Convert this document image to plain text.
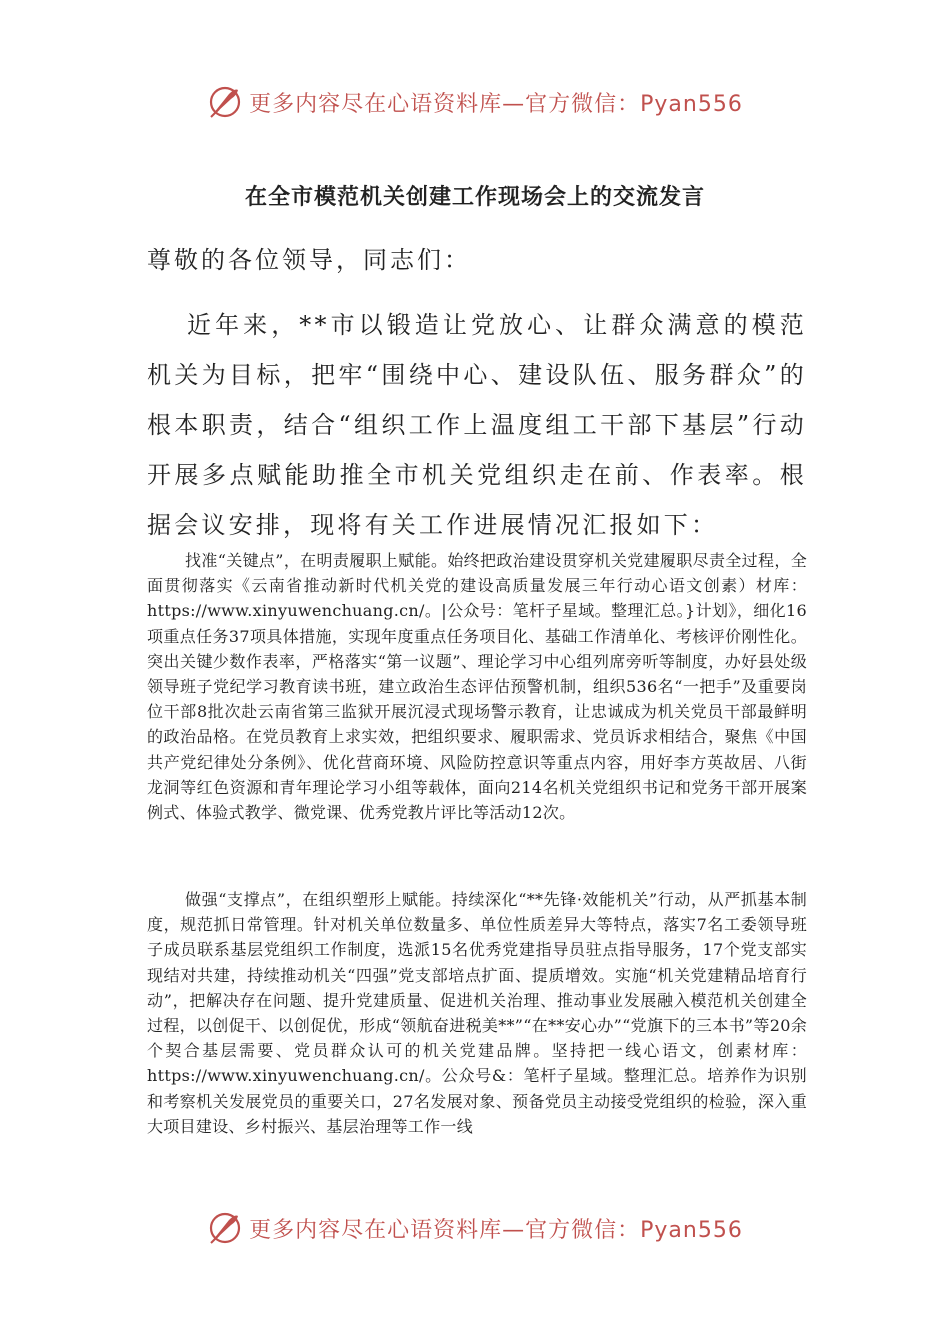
更多内容尽在心语资料库—官方微信：Pyan556
在全市模范机关创建工作现场会上的交流发言
尊敬的各位领导，同志们：

近年来，**市以锻造让党放心、让群众满意的模范机关为目标，把牢“围绕中心、建设队伍、服务群众”的根本职责，结合“组织工作上温度组工干部下基层”行动开展多点赋能助推全市机关党组织走在前、作表率。根据会议安排，现将有关工作进展情况汇报如下：

找准“关键点”，在明责履职上赋能。始终把政治建设贯穿机关党建履职尽责全过程，全面贯彻落实《云南省推动新时代机关党的建设高质量发展三年行动心语文创素）材库：https://www.xinyuwenchuang.cn/。|公众号：笔杆子星域。整理汇总。}计划》，细化16项重点任务37项具体措施，实现年度重点任务项目化、基础工作清单化、考核评价刚性化。突出关键少数作表率，严格落实“第一议题”、理论学习中心组列席旁听等制度，办好县处级领导班子党纪学习教育读书班，建立政治生态评估预警机制，组织536名“一把手”及重要岗位干部8批次赴云南省第三监狱开展沉浸式现场警示教育，让忠诚成为机关党员干部最鲜明的政治品格。在党员教育上求实效，把组织要求、履职需求、党员诉求相结合，聚焦《中国共产党纪律处分条例》、优化营商环境、风险防控意识等重点内容，用好李方英故居、八街龙洞等红色资源和青年理论学习小组等载体，面向214名机关党组织书记和党务干部开展案例式、体验式教学、微党课、优秀党教片评比等活动12次。

做强“支撑点”，在组织塑形上赋能。持续深化“**先锋·效能机关”行动，从严抓基本制度，规范抓日常管理。针对机关单位数量多、单位性质差异大等特点，落实7名工委领导班子成员联系基层党组织工作制度，选派15名优秀党建指导员驻点指导服务，17个党支部实现结对共建，持续推动机关“四强”党支部培点扩面、提质增效。实施“机关党建精品培育行动”，把解决存在问题、提升党建质量、促进机关治理、推动事业发展融入模范机关创建全过程，以创促干、以创促优，形成“领航奋进税美**”“在**安心办”“党旗下的三本书”等20余个契合基层需要、党员群众认可的机关党建品牌。坚持把一线心语文，创素材库：https://www.xinyuwenchuang.cn/。公众号&：笔杆子星域。整理汇总。培养作为识别和考察机关发展党员的重要关口，27名发展对象、预备党员主动接受党组织的检验，深入重大项目建设、乡村振兴、基层治理等工作一线

更多内容尽在心语资料库—官方微信：Pyan556
